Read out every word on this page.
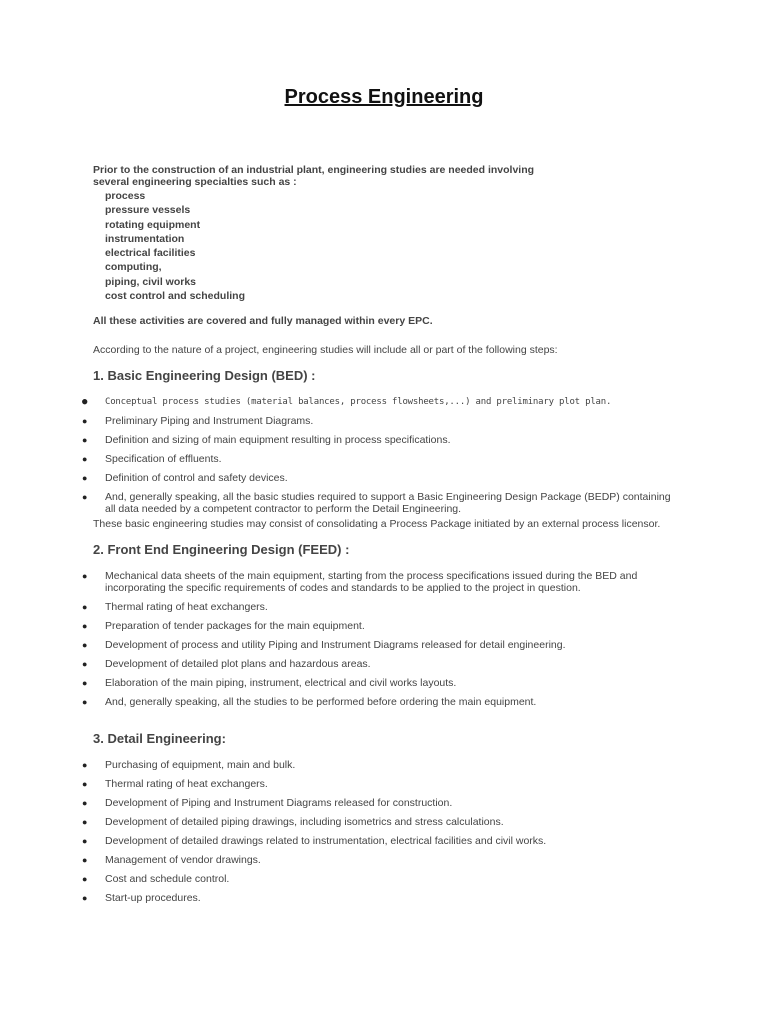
Process Engineering
Prior to the construction of an industrial plant, engineering studies are needed involving
several engineering specialties such as :
process
pressure vessels
rotating equipment
instrumentation
electrical facilities
computing,
piping, civil works
cost control and scheduling
All these activities are covered and fully managed within every EPC.
According to the nature of a project, engineering studies will include all or part of the following steps:
1. Basic Engineering Design (BED) :
● Conceptual process studies (material balances, process flowsheets,...) and preliminary plot plan.
● Preliminary Piping and Instrument Diagrams.
● Definition and sizing of main equipment resulting in process specifications.
● Specification of effluents.
● Definition of control and safety devices.
● And, generally speaking, all the basic studies required to support a Basic Engineering Design Package (BEDP) containing all data needed by a competent contractor to perform the Detail Engineering.
These basic engineering studies may consist of consolidating a Process Package initiated by an external process licensor.
2. Front End Engineering Design (FEED) :
● Mechanical data sheets of the main equipment, starting from the process specifications issued during the BED and incorporating the specific requirements of codes and standards to be applied to the project in question.
● Thermal rating of heat exchangers.
● Preparation of tender packages for the main equipment.
● Development of process and utility Piping and Instrument Diagrams released for detail engineering.
● Development of detailed plot plans and hazardous areas.
● Elaboration of the main piping, instrument, electrical and civil works layouts.
● And, generally speaking, all the studies to be performed before ordering the main equipment.
3. Detail Engineering:
● Purchasing of equipment, main and bulk.
● Thermal rating of heat exchangers.
● Development of Piping and Instrument Diagrams released for construction.
● Development of detailed piping drawings, including isometrics and stress calculations.
● Development of detailed drawings related to instrumentation, electrical facilities and civil works.
● Management of vendor drawings.
● Cost and schedule control.
● Start-up procedures.
